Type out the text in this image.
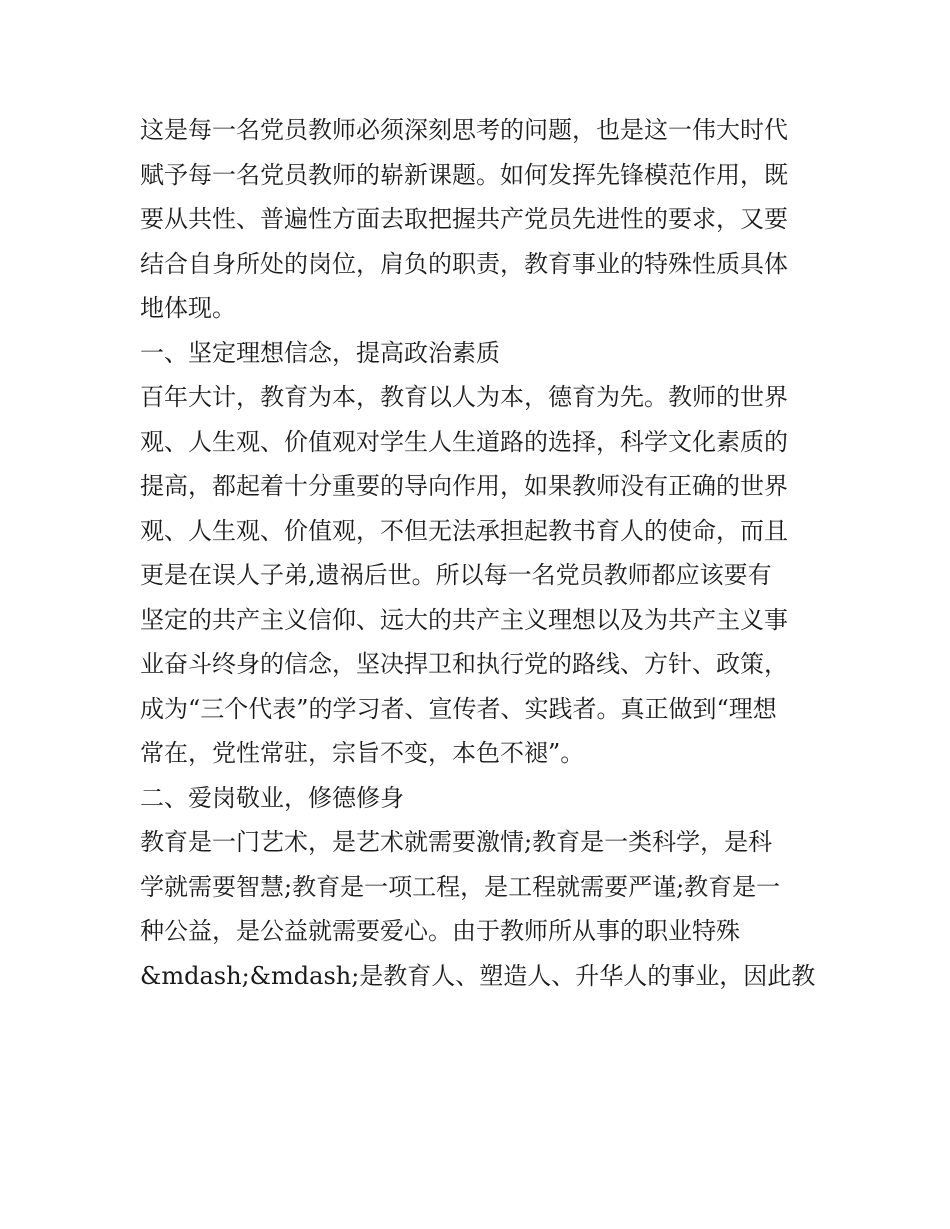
这是每一名党员教师必须深刻思考的问题，也是这一伟大时代
赋予每一名党员教师的崭新课题。如何发挥先锋模范作用，既
要从共性、普遍性方面去取把握共产党员先进性的要求，又要
结合自身所处的岗位，肩负的职责，教育事业的特殊性质具体
地体现。
一、坚定理想信念，提高政治素质
百年大计，教育为本，教育以人为本，德育为先。教师的世界
观、人生观、价值观对学生人生道路的选择，科学文化素质的
提高，都起着十分重要的导向作用，如果教师没有正确的世界
观、人生观、价值观，不但无法承担起教书育人的使命，而且
更是在误人子弟,遗祸后世。所以每一名党员教师都应该要有
坚定的共产主义信仰、远大的共产主义理想以及为共产主义事
业奋斗终身的信念，坚决捍卫和执行党的路线、方针、政策，
成为“三个代表”的学习者、宣传者、实践者。真正做到“理想
常在，党性常驻，宗旨不变，本色不褪”。
二、爱岗敬业，修德修身
教育是一门艺术，是艺术就需要激情;教育是一类科学，是科
学就需要智慧;教育是一项工程，是工程就需要严谨;教育是一
种公益，是公益就需要爱心。由于教师所从事的职业特殊
&mdash;&mdash;是教育人、塑造人、升华人的事业，因此教
